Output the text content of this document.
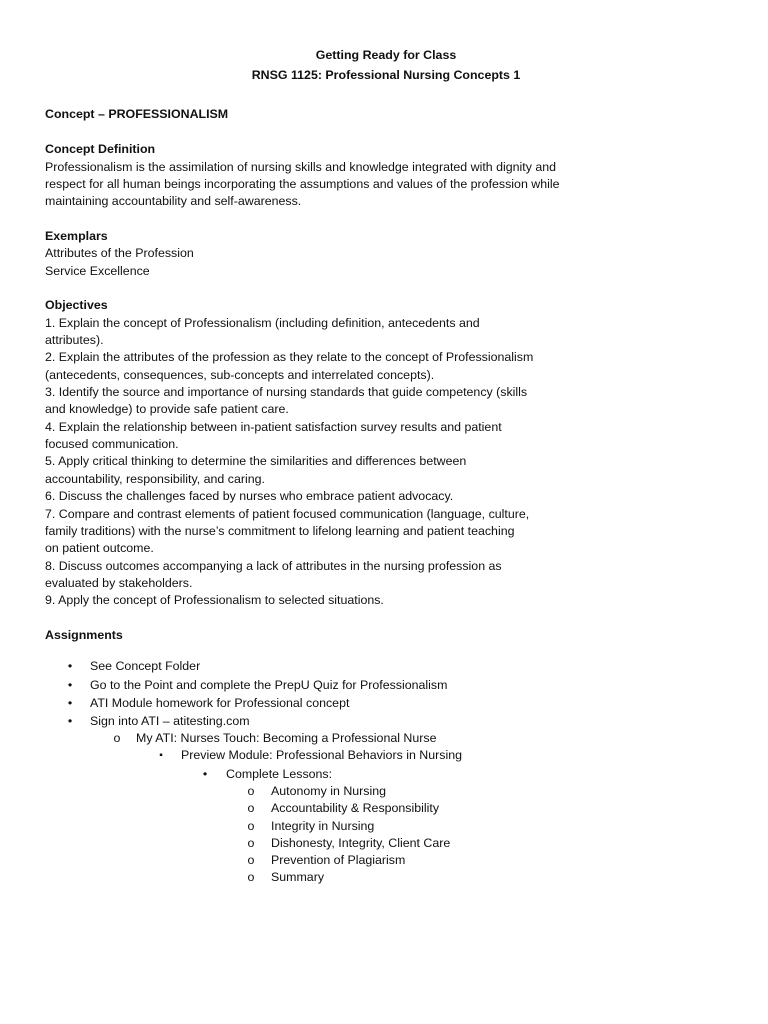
Getting Ready for Class

RNSG 1125: Professional Nursing Concepts 1

Concept – PROFESSIONALISM

Concept Definition

Professionalism is the assimilation of nursing skills and knowledge integrated with dignity and

respect for all human beings incorporating the assumptions and values of the profession while

maintaining accountability and self-awareness.

Exemplars

Attributes of the Profession

Service Excellence

Objectives

1. Explain the concept of Professionalism (including definition, antecedents and

attributes).

2. Explain the attributes of the profession as they relate to the concept of Professionalism

(antecedents, consequences, sub-concepts and interrelated concepts).

3. Identify the source and importance of nursing standards that guide competency (skills

and knowledge) to provide safe patient care.

4. Explain the relationship between in-patient satisfaction survey results and patient

focused communication.

5. Apply critical thinking to determine the similarities and differences between

accountability, responsibility, and caring.

6. Discuss the challenges faced by nurses who embrace patient advocacy.

7. Compare and contrast elements of patient focused communication (language, culture,

family traditions) with the nurse’s commitment to lifelong learning and patient teaching

on patient outcome.

8. Discuss outcomes accompanying a lack of attributes in the nursing profession as

evaluated by stakeholders.

9. Apply the concept of Professionalism to selected situations.

Assignments

•	See Concept Folder
•	Go to the Point and complete the PrepU Quiz for Professionalism
•	ATI Module homework for Professional concept
•	Sign into ATI – atitesting.com
o My ATI: Nurses Touch: Becoming a Professional Nurse
▪	Preview Module: Professional Behaviors in Nursing
•	Complete Lessons:
o Autonomy in Nursing
o Accountability & Responsibility
o Integrity in Nursing
o Dishonesty, Integrity, Client Care
o Prevention of Plagiarism
o Summary
